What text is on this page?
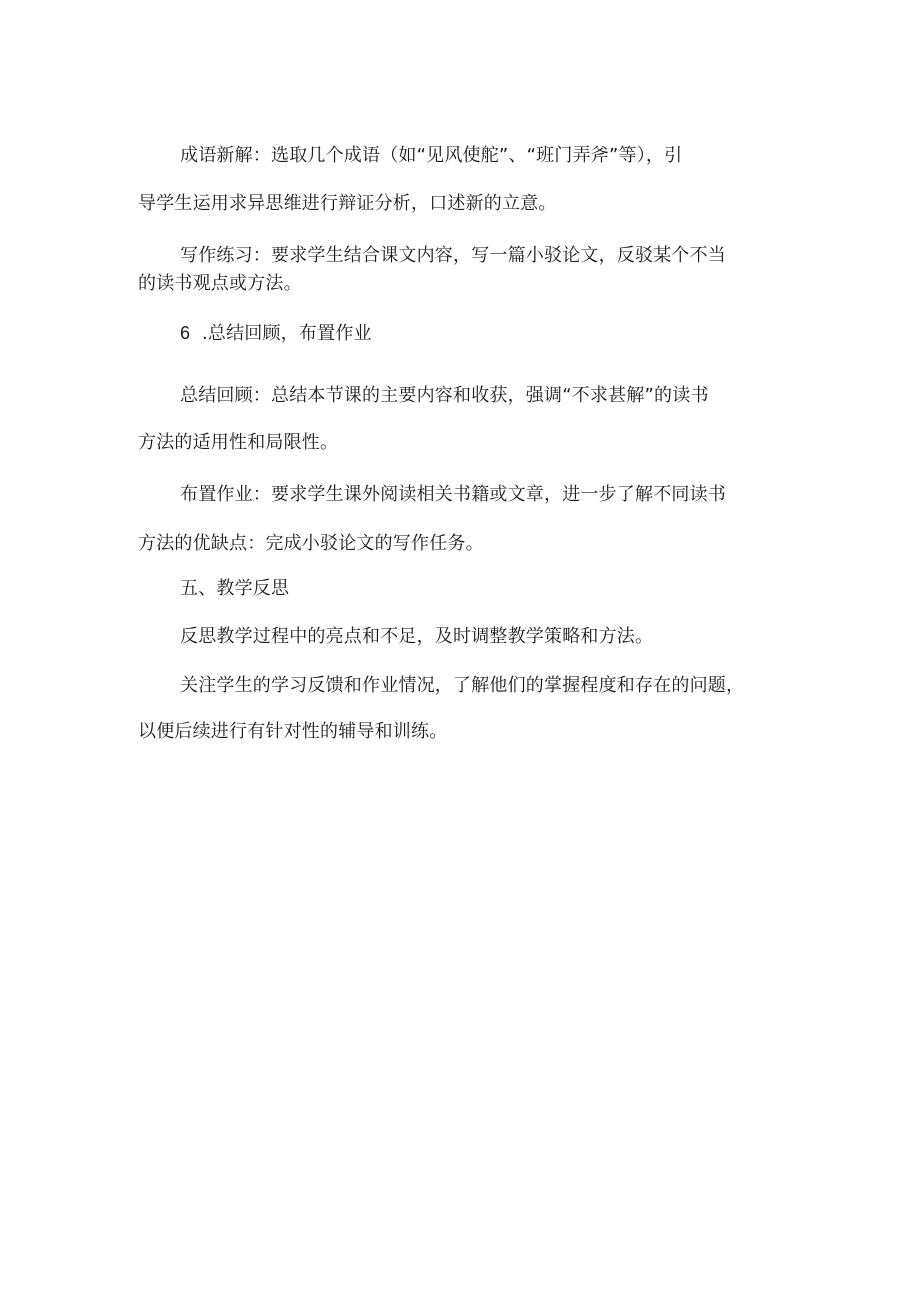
成语新解：选取几个成语（如“见风使舵”、“班门弄斧”等），引
导学生运用求异思维进行辩证分析，口述新的立意。
写作练习：要求学生结合课文内容，写一篇小驳论文，反驳某个不当
的读书观点或方法。
6 .总结回顾，布置作业
总结回顾：总结本节课的主要内容和收获，强调“不求甚解”的读书
方法的适用性和局限性。
布置作业：要求学生课外阅读相关书籍或文章，进一步了解不同读书
方法的优缺点：完成小驳论文的写作任务。
五、教学反思
反思教学过程中的亮点和不足，及时调整教学策略和方法。
关注学生的学习反馈和作业情况，了解他们的掌握程度和存在的问题，
以便后续进行有针对性的辅导和训练。
